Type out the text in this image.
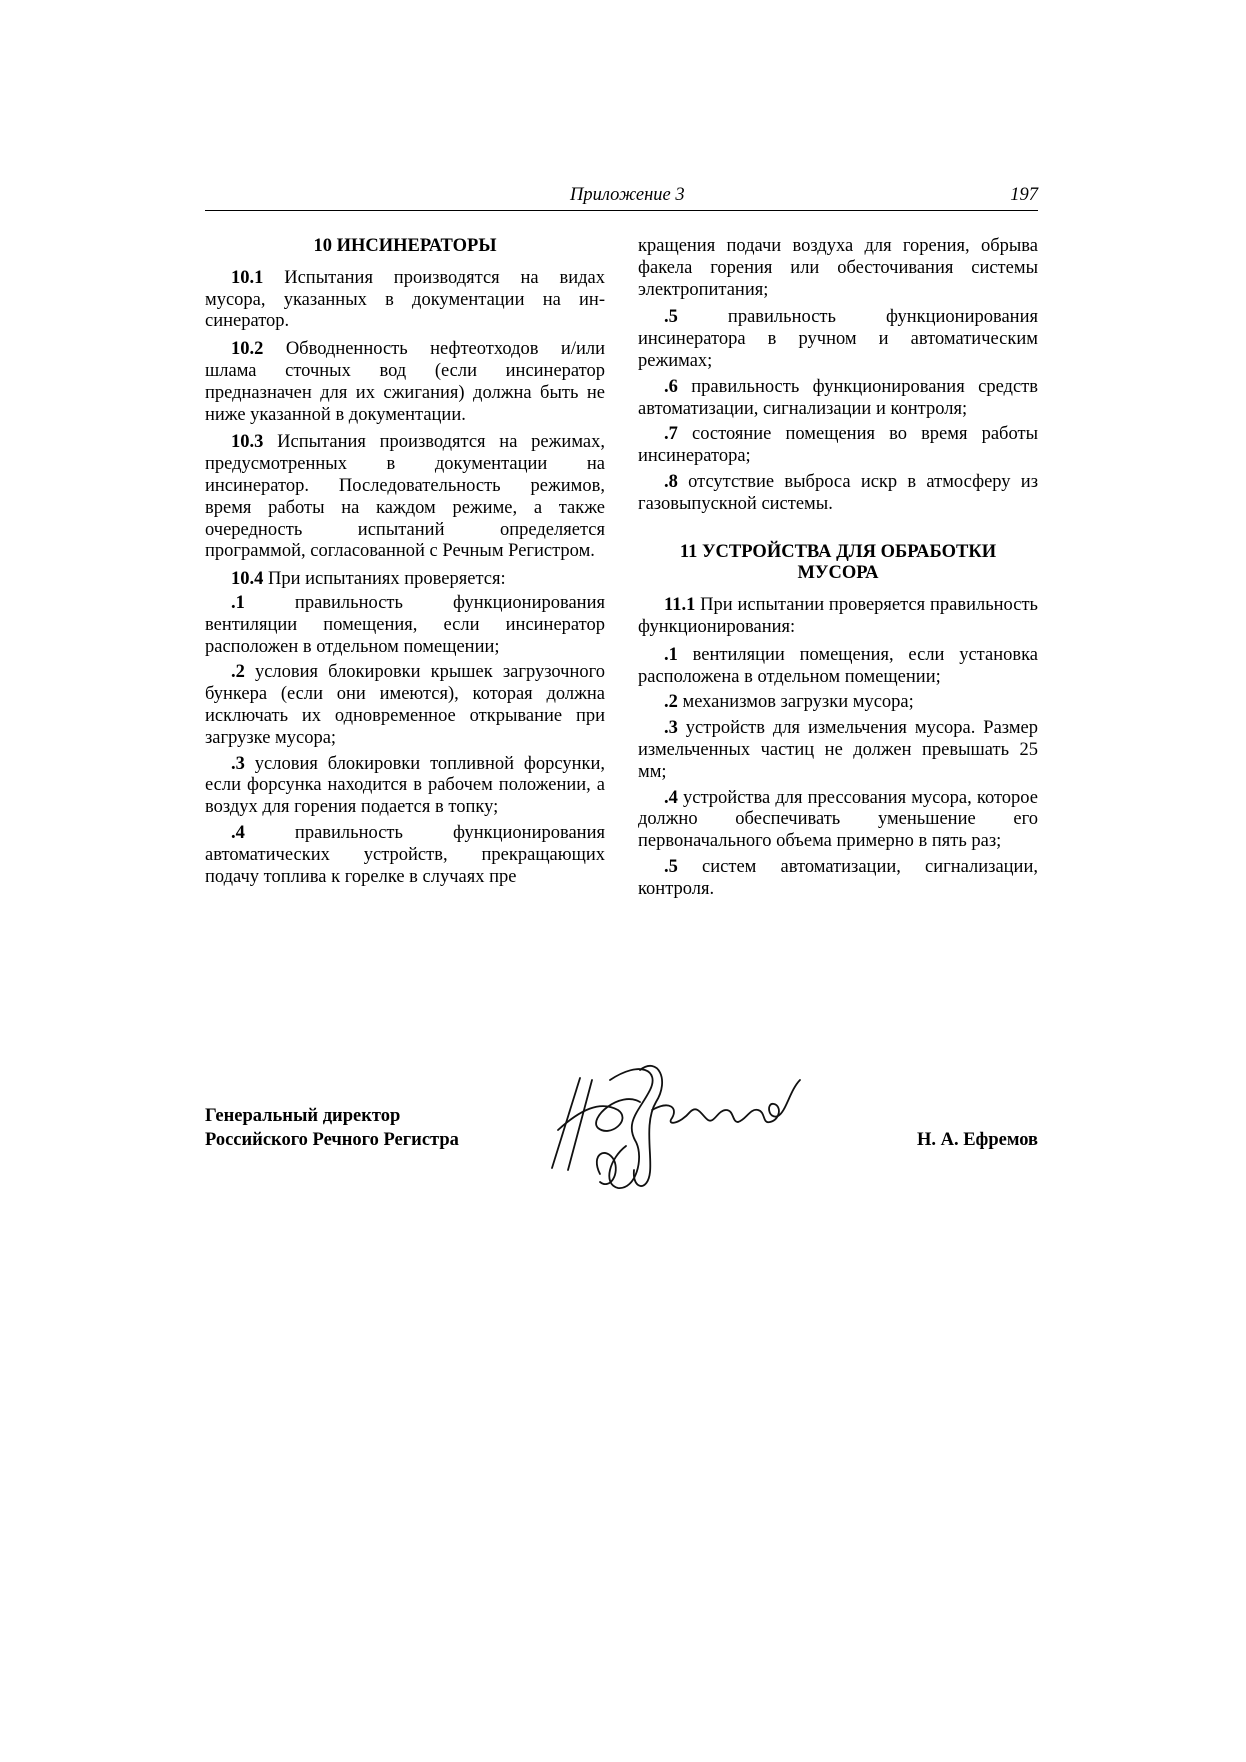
Приложение 3	197
10 ИНСИНЕРАТОРЫ

10.1 Испытания производятся на видах мусора, указанных в документации на инсинератор.

10.2 Обводненность нефтеотходов и/или шлама сточных вод (если инсинератор предназначен для их сжигания) должна быть не ниже указанной в документации.

10.3 Испытания производятся на режимах, предусмотренных в документации на инсинератор. Последовательность режимов, время работы на каждом режиме, а также очередность испытаний определяется программой, согласованной с Речным Регистром.

10.4 При испытаниях проверяется:

.1 правильность функционирования вентиляции помещения, если инсинератор расположен в отдельном помещении;

.2 условия блокировки крышек загрузочного бункера (если они имеются), которая должна исключать их одновременное открывание при загрузке мусора;

.3 условия блокировки топливной форсунки, если форсунка находится в рабочем положении, а воздух для горения подается в топку;

.4 правильность функционирования автоматических устройств, прекращающих подачу топлива к горелке в случаях пре

кращения подачи воздуха для горения, обрыва факела горения или обесточивания системы электропитания;

.5 правильность функционирования инсинератора в ручном и автоматическим режимах;

.6 правильность функционирования средств автоматизации, сигнализации и контроля;

.7 состояние помещения во время работы инсинератора;

.8 отсутствие выброса искр в атмосферу из газовыпускной системы.

11 УСТРОЙСТВА ДЛЯ ОБРАБОТКИ
МУСОРА

11.1 При испытании проверяется правильность функционирования:

.1 вентиляции помещения, если установка расположена в отдельном помещении;

.2 механизмов загрузки мусора;

.3 устройств для измельчения мусора. Размер измельченных частиц не должен превышать 25 мм;

.4 устройства для прессования мусора, которое должно обеспечивать уменьшение его первоначального объема примерно в пять раз;

.5 систем автоматизации, сигнализации, контроля.

Генеральный директор
Российского Речного Регистра	Н. А. Ефремов
